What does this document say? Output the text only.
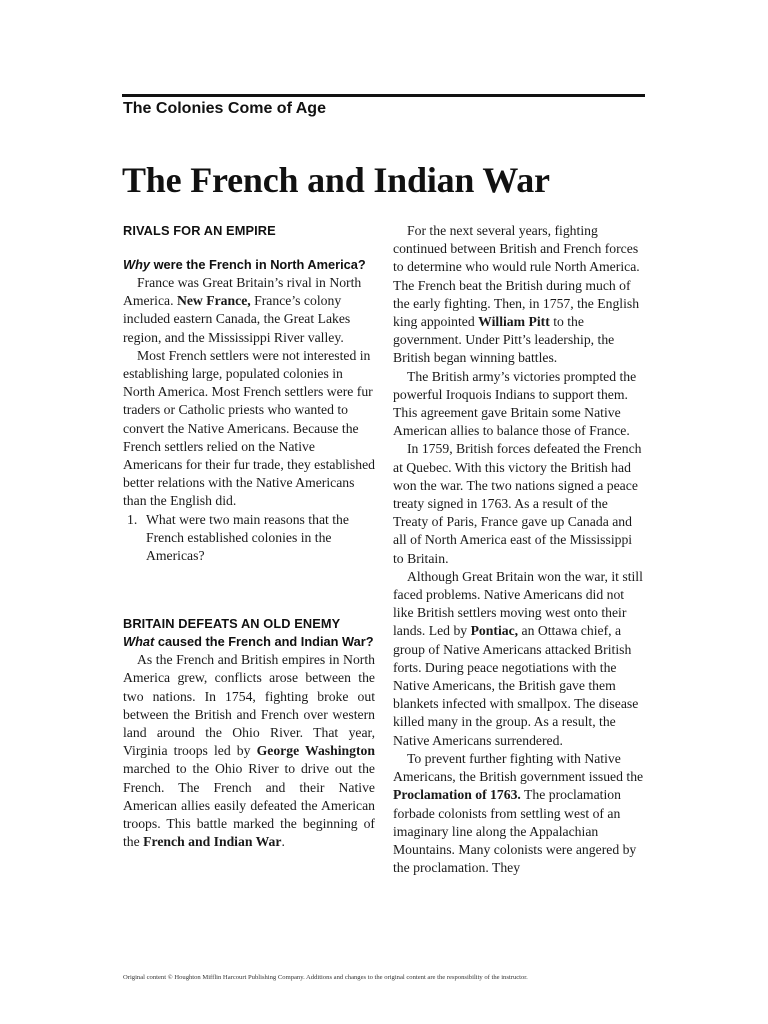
The Colonies Come of Age
The French and Indian War
RIVALS FOR AN EMPIRE
Why were the French in North America?

France was Great Britain’s rival in North America. New France, France’s colony included eastern Canada, the Great Lakes region, and the Mississippi River valley.

Most French settlers were not interested in establishing large, populated colonies in North America. Most French settlers were fur traders or Catholic priests who wanted to convert the Native Americans. Because the French settlers relied on the Native Americans for their fur trade, they established better relations with the Native Americans than the English did.

1. What were two main reasons that the French established colonies in the Americas?
BRITAIN DEFEATS AN OLD ENEMY
What caused the French and Indian War?

As the French and British empires in North America grew, conflicts arose between the two nations. In 1754, fighting broke out between the British and French over western land around the Ohio River. That year, Virginia troops led by George Washington marched to the Ohio River to drive out the French. The French and their Native American allies easily defeated the American troops. This battle marked the beginning of the French and Indian War.

For the next several years, fighting continued between British and French forces to determine who would rule North America. The French beat the British during much of the early fighting. Then, in 1757, the English king appointed William Pitt to the government. Under Pitt’s leadership, the British began winning battles.

The British army’s victories prompted the powerful Iroquois Indians to support them. This agreement gave Britain some Native American allies to balance those of France.

In 1759, British forces defeated the French at Quebec. With this victory the British had won the war. The two nations signed a peace treaty signed in 1763. As a result of the Treaty of Paris, France gave up Canada and all of North America east of the Mississippi to Britain.

Although Great Britain won the war, it still faced problems. Native Americans did not like British settlers moving west onto their lands. Led by Pontiac, an Ottawa chief, a group of Native Americans attacked British forts. During peace negotiations with the Native Americans, the British gave them blankets infected with smallpox. The disease killed many in the group. As a result, the Native Americans surrendered.

To prevent further fighting with Native Americans, the British government issued the Proclamation of 1763. The proclamation forbade colonists from settling west of an imaginary line along the Appalachian Mountains. Many colonists were angered by the proclamation. They

Original content © Houghton Mifflin Harcourt Publishing Company. Additions and changes to the original content are the responsibility of the instructor.
